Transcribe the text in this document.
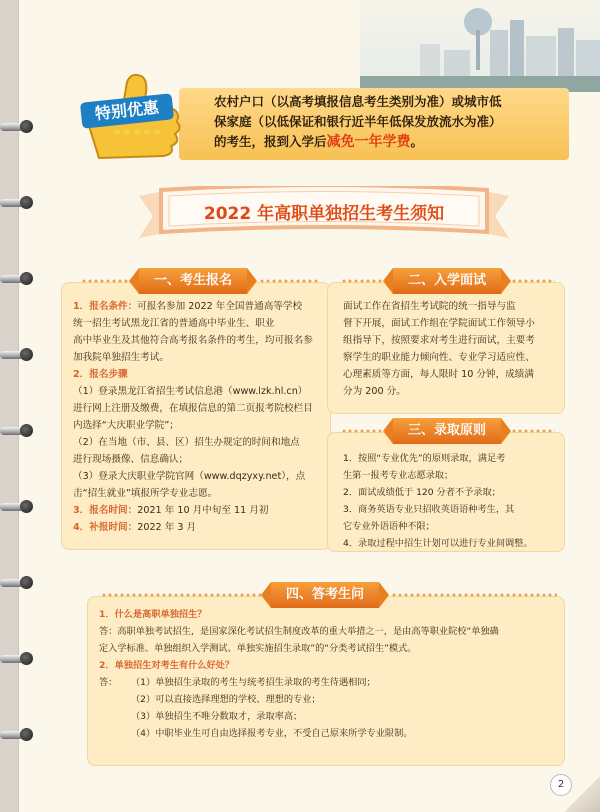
特别优惠	农村户口（以高考填报信息考生类别为准）或城市低
保家庭（以低保证和银行近半年低保发放流水为准）
的考生，报到入学后减免一年学费。
2022 年高职单独招生考生须知
一、考生报名
1．报名条件：可报名参加 2022 年全国普通高等学校
统一招生考试黑龙江省的普通高中毕业生、职业
高中毕业生及其他符合高考报名条件的考生，均可报名参
加我院单独招生考试。
2．报名步骤
（1）登录黑龙江省招生考试信息港（www.lzk.hl.cn）
进行网上注册及缴费，在填报信息的第二页报考院校栏目
内选择“大庆职业学院”；
（2）在当地（市、县、区）招生办规定的时间和地点
进行现场摄像、信息确认；
（3）登录大庆职业学院官网（www.dqzyxy.net），点
击“招生就业”填报所学专业志愿。
3．报名时间：2021 年 10 月中旬至 11 月初
4．补报时间：2022 年 3 月
二、入学面试
面试工作在省招生考试院的统一指导与监
督下开展，面试工作组在学院面试工作领导小
组指导下，按照要求对考生进行面试，主要考
察学生的职业能力倾向性、专业学习适应性、
心理素质等方面，每人限时 10 分钟，成绩满
分为 200 分。
三、录取原则
1．按照“专业优先”的原则录取，满足考
生第一报考专业志愿录取；
2．面试成绩低于 120 分者不予录取；
3．商务英语专业只招收英语语种考生，其
它专业外语语种不限；
4．录取过程中招生计划可以进行专业间调整。
四、答考生问
1．什么是高职单独招生？
答：高职单独考试招生，是国家深化考试招生制度改革的重大举措之一，是由高等职业院校“单独确
定入学标准、单独组织入学测试、单独实施招生录取”的“分类考试招生”模式。
2．单独招生对考生有什么好处？
答： （1）单独招生录取的考生与统考招生录取的考生待遇相同；
（2）可以直接选择理想的学校、理想的专业；
（3）单独招生不唯分数取才，录取率高；
（4）中职毕业生可自由选择报考专业，不受自己原来所学专业限制。
2
